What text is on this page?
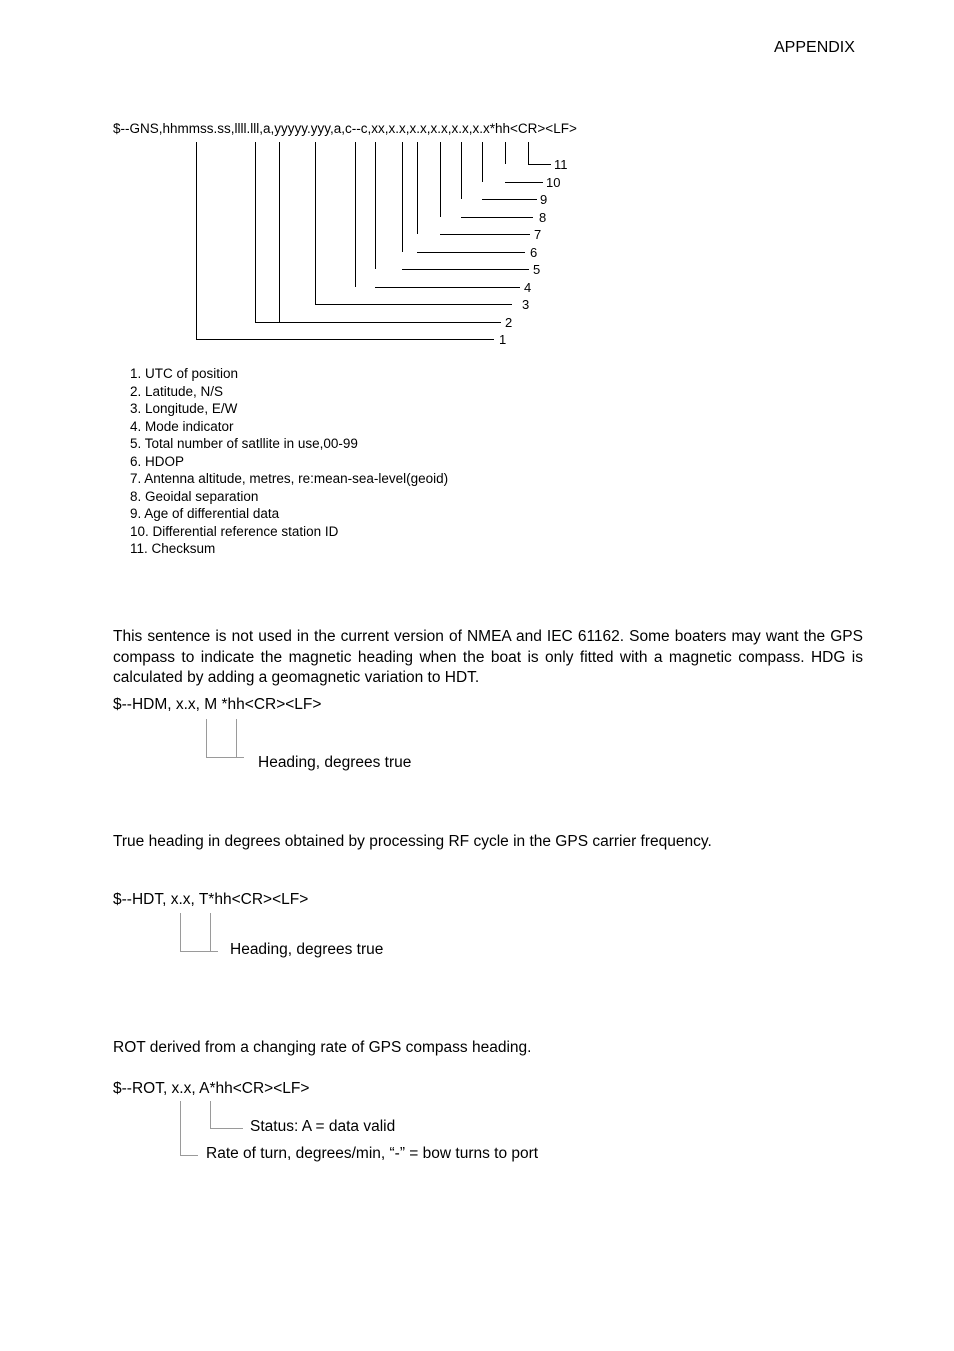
APPENDIX
$--GNS,hhmmss.ss,llll.lll,a,yyyyy.yyy,a,c--c,xx,x.x,x.x,x.x,x.x,x.x*hh<CR><LF>
11
10
9
8
7
6
5
4
3
2
1
1. UTC of position
2. Latitude, N/S
3. Longitude, E/W
4. Mode indicator
5. Total number of satllite in use,00-99
6. HDOP
7. Antenna altitude, metres, re:mean-sea-level(geoid)
8. Geoidal separation
9. Age of differential data
10. Differential reference station ID
11. Checksum
This sentence is not used in the current version of NMEA and IEC 61162. Some boaters may want the GPS compass to indicate the magnetic heading when the boat is only fitted with a magnetic compass. HDG is calculated by adding a geomagnetic variation to HDT.
$--HDM, x.x, M *hh<CR><LF>
Heading, degrees true
True heading in degrees obtained by processing RF cycle in the GPS carrier frequency.
$--HDT, x.x, T*hh<CR><LF>
Heading, degrees true
ROT derived from a changing rate of GPS compass heading.
$--ROT, x.x, A*hh<CR><LF>
Status: A = data valid
Rate of turn, degrees/min, “-” = bow turns to port
